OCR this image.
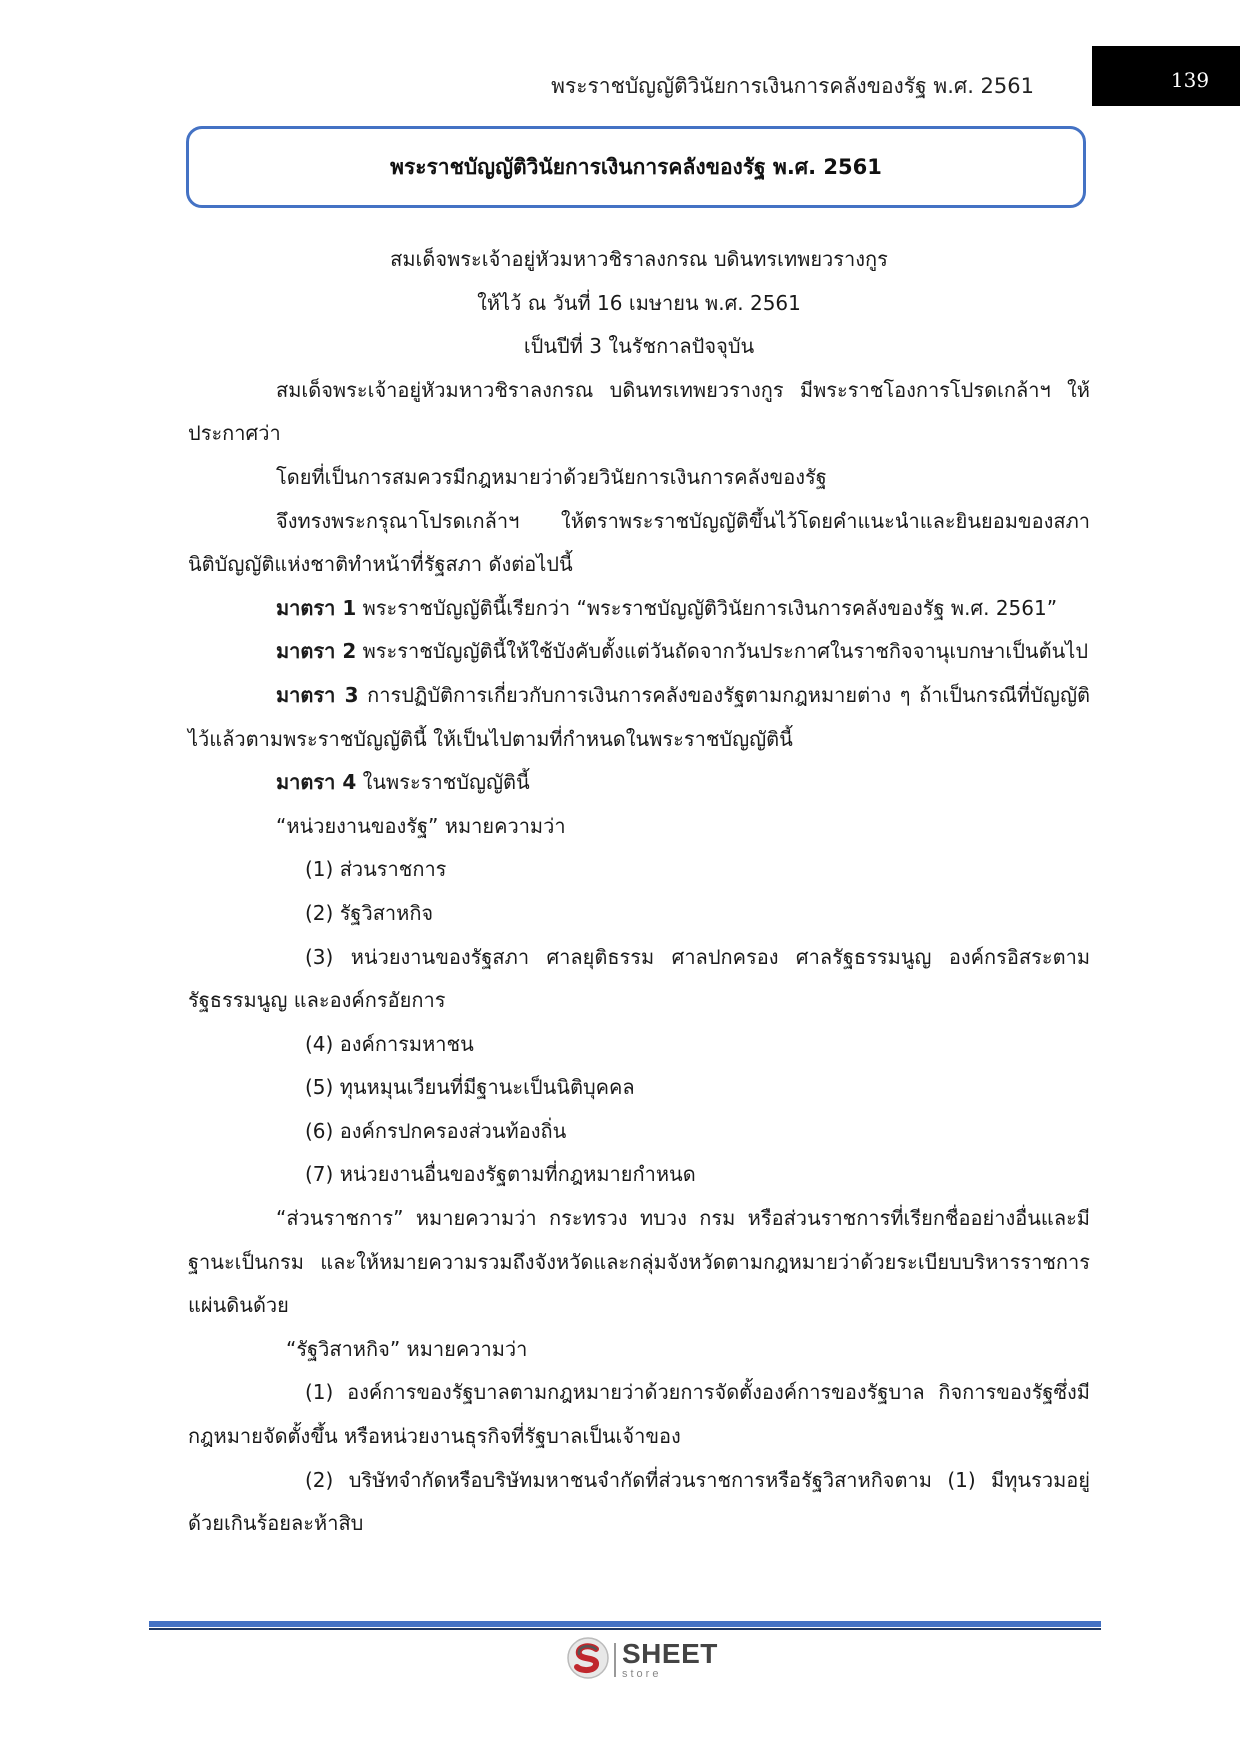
พระราชบัญญัติวินัยการเงินการคลังของรัฐ พ.ศ. 2561	139
พระราชบัญญัติวินัยการเงินการคลังของรัฐ พ.ศ. 2561
สมเด็จพระเจ้าอยู่หัวมหาวชิราลงกรณ บดินทรเทพยวรางกูร
ให้ไว้ ณ วันที่ 16 เมษายน พ.ศ. 2561
เป็นปีที่ 3 ในรัชกาลปัจจุบัน
สมเด็จพระเจ้าอยู่หัวมหาวชิราลงกรณ บดินทรเทพยวรางกูร มีพระราชโองการโปรดเกล้าฯ ให้ประกาศว่า
โดยที่เป็นการสมควรมีกฎหมายว่าด้วยวินัยการเงินการคลังของรัฐ
จึงทรงพระกรุณาโปรดเกล้าฯ ให้ตราพระราชบัญญัติขึ้นไว้โดยคำแนะนำและยินยอมของสภานิติบัญญัติแห่งชาติทำหน้าที่รัฐสภา ดังต่อไปนี้
มาตรา 1 พระราชบัญญัตินี้เรียกว่า “พระราชบัญญัติวินัยการเงินการคลังของรัฐ พ.ศ. 2561”
มาตรา 2 พระราชบัญญัตินี้ให้ใช้บังคับตั้งแต่วันถัดจากวันประกาศในราชกิจจานุเบกษาเป็นต้นไป
มาตรา 3 การปฏิบัติการเกี่ยวกับการเงินการคลังของรัฐตามกฎหมายต่าง ๆ ถ้าเป็นกรณีที่บัญญัติไว้แล้วตามพระราชบัญญัตินี้ ให้เป็นไปตามที่กำหนดในพระราชบัญญัตินี้
มาตรา 4 ในพระราชบัญญัตินี้
“หน่วยงานของรัฐ” หมายความว่า
(1) ส่วนราชการ
(2) รัฐวิสาหกิจ
(3) หน่วยงานของรัฐสภา ศาลยุติธรรม ศาลปกครอง ศาลรัฐธรรมนูญ องค์กรอิสระตามรัฐธรรมนูญ และองค์กรอัยการ
(4) องค์การมหาชน
(5) ทุนหมุนเวียนที่มีฐานะเป็นนิติบุคคล
(6) องค์กรปกครองส่วนท้องถิ่น
(7) หน่วยงานอื่นของรัฐตามที่กฎหมายกำหนด
“ส่วนราชการ” หมายความว่า กระทรวง ทบวง กรม หรือส่วนราชการที่เรียกชื่ออย่างอื่นและมีฐานะเป็นกรม และให้หมายความรวมถึงจังหวัดและกลุ่มจังหวัดตามกฎหมายว่าด้วยระเบียบบริหารราชการแผ่นดินด้วย
“รัฐวิสาหกิจ” หมายความว่า
(1) องค์การของรัฐบาลตามกฎหมายว่าด้วยการจัดตั้งองค์การของรัฐบาล กิจการของรัฐซึ่งมีกฎหมายจัดตั้งขึ้น หรือหน่วยงานธุรกิจที่รัฐบาลเป็นเจ้าของ
(2) บริษัทจำกัดหรือบริษัทมหาชนจำกัดที่ส่วนราชการหรือรัฐวิสาหกิจตาม (1) มีทุนรวมอยู่ด้วยเกินร้อยละห้าสิบ
SHEET
store
